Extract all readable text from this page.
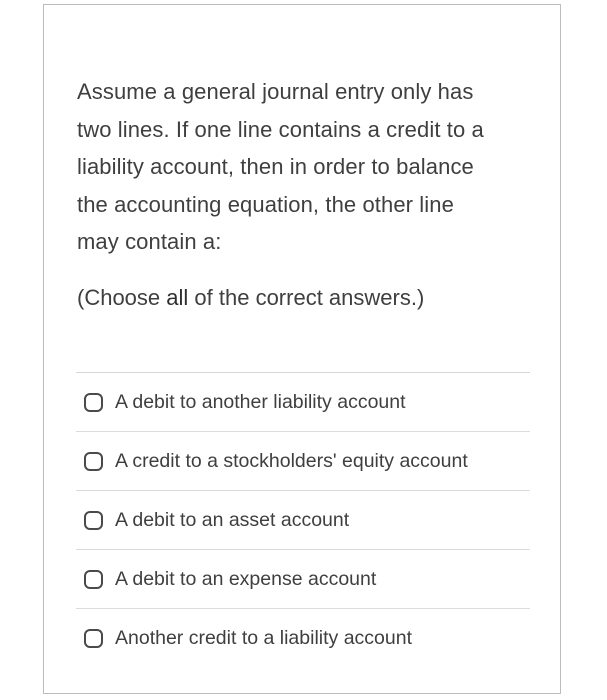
Assume a general journal entry only has
two lines. If one line contains a credit to a
liability account, then in order to balance
the accounting equation, the other line
may contain a:
(Choose all of the correct answers.)
A debit to another liability account
A credit to a stockholders' equity account
A debit to an asset account
A debit to an expense account
Another credit to a liability account
